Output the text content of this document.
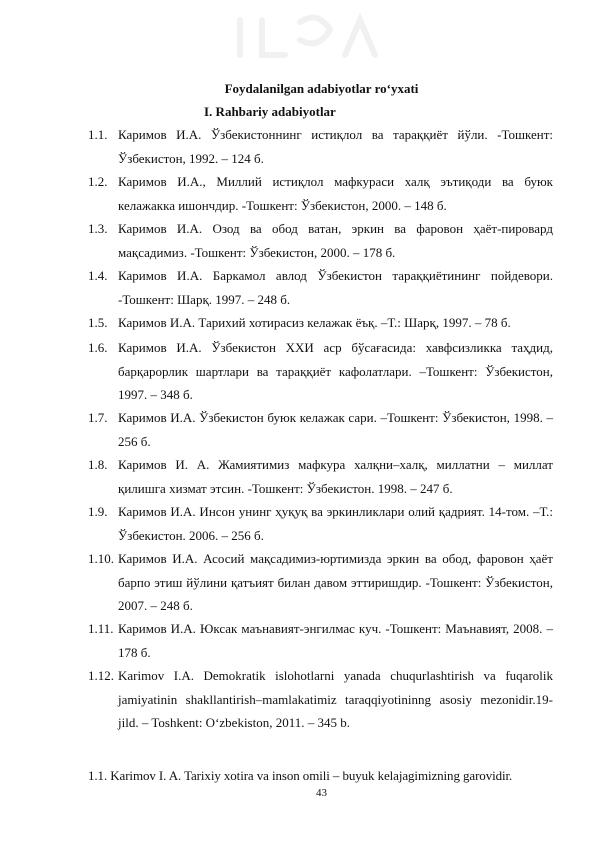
Foydalanilgan adabiyotlar ro‘yxati
I. Rahbariy adabiyotlar
1.1. Каримов И.А. Ўзбекистоннинг истиқлол ва тараққиёт йўли. -Тошкент: Ўзбекистон, 1992. – 124 б.

1.2. Каримов И.А., Миллий истиқлол мафкураси халқ эътиқоди ва буюк келажакка ишончдир. -Тошкент: Ўзбекистон, 2000. – 148 б.

1.3. Каримов И.А. Озод ва обод ватан, эркин ва фаровон ҳаёт-пировард мақсадимиз. -Тошкент: Ўзбекистон, 2000. – 178 б.

1.4. Каримов И.А. Баркамол авлод Ўзбекистон тараққиётининг пойдевори. -Тошкент: Шарқ. 1997. – 248 б.

1.5. Каримов И.А. Тарихий хотирасиз келажак ёъқ. –Т.: Шарқ, 1997. – 78 б.

1.6. Каримов И.А. Ўзбекистон XXИ аср бўсағасида: хавфсизликка таҳдид, барқарорлик шартлари ва тараққиёт кафолатлари. –Тошкент: Ўзбекистон, 1997. – 348 б.

1.7. Каримов И.А. Ўзбекистон буюк келажак сари. –Тошкент: Ўзбекистон, 1998. – 256 б.

1.8. Каримов И. А. Жамиятимиз мафкура халқни–халқ, миллатни – миллат қилишга хизмат этсин. -Тошкент: Ўзбекистон. 1998. – 247 б.

1.9. Каримов И.А. Инсон унинг ҳуқуқ ва эркинликлари олий қадрият. 14-том. –Т.: Ўзбекистон. 2006. – 256 б.

1.10. Каримов И.А. Асосий мақсадимиз-юртимизда эркин ва обод, фаровон ҳаёт барпо этиш йўлини қатъият билан давом эттиришдир. -Тошкент: Ўзбекистон, 2007. – 248 б.

1.11. Каримов И.А. Юксак маънавият-энгилмас куч. -Тошкент: Маънавият, 2008. – 178 б.

1.12. Karimov I.A. Demokratik islohotlarni yanada chuqurlashtirish va fuqarolik jamiyatinin shakllantirish–mamlakatimiz taraqqiyotininng asosiy mezonidir.19- jild. – Toshkent: O‘zbekiston, 2011. – 345 b.

1.1. Karimov I. A. Tarixiy xotira va inson omili – buyuk kelajagimizning garovidir.
43
